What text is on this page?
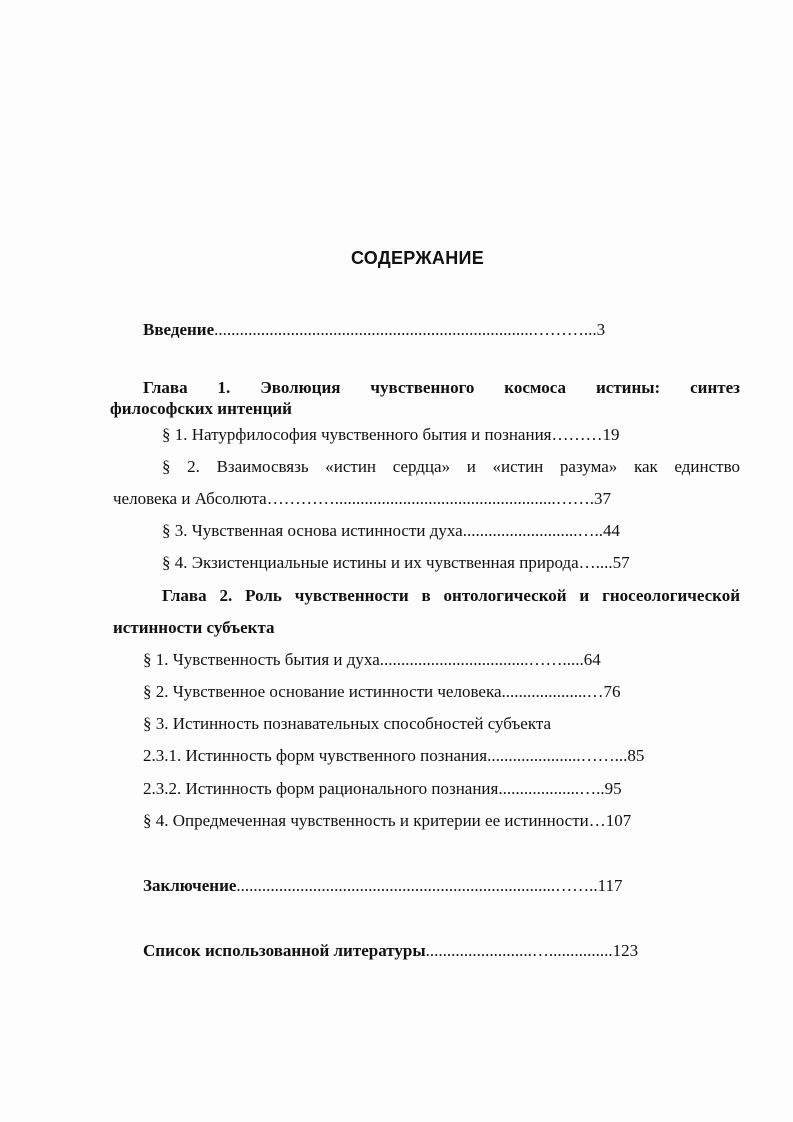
СОДЕРЖАНИЕ
Введение...........................................................................………...3
Глава 1. Эволюция чувственного космоса истины: синтез
философских интенций
§ 1. Натурфилософия чувственного бытия и познания………19
§ 2. Взаимосвязь «истин сердца» и «истин разума» как единство
человека и Абсолюта…………....................................................…….37
§ 3. Чувственная основа истинности духа...........................…..44
§ 4. Экзистенциальные истины и их чувственная природа…....57
Глава 2. Роль чувственности в онтологической и гносеологической
истинности субъекта
§ 1. Чувственность бытия и духа...................................…….....64
§ 2. Чувственное основание истинности человека....................…76
§ 3. Истинность познавательных способностей субъекта
2.3.1. Истинность форм чувственного познания......................……...85
2.3.2. Истинность форм рационального познания...................…..95
§ 4. Опредмеченная чувственность и критерии ее истинности…107
Заключение...........................................................................……..117
Список использованной литературы.........................…...............123
